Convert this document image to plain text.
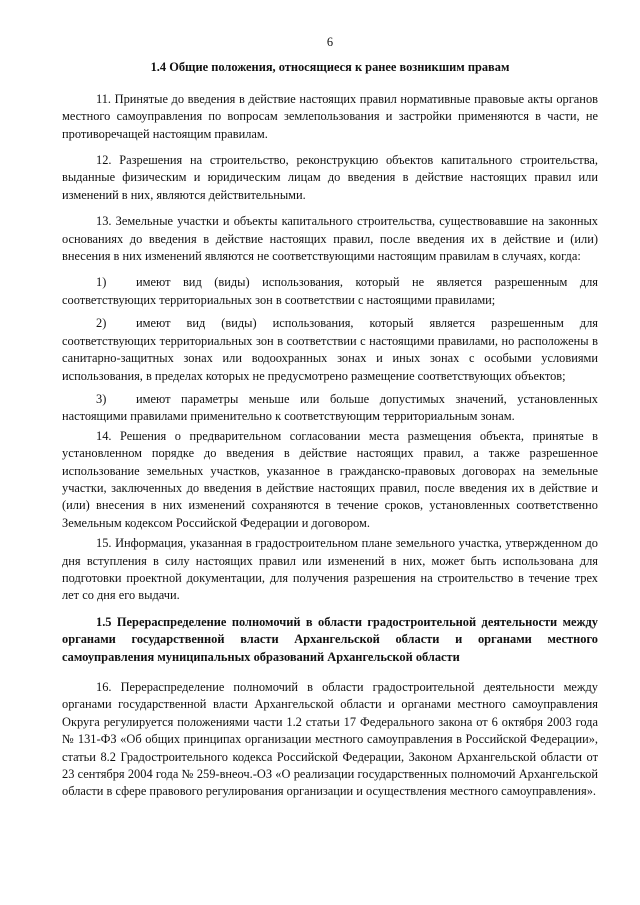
6
1.4 Общие положения, относящиеся к ранее возникшим правам

11. Принятые до введения в действие настоящих правил нормативные правовые акты органов местного самоуправления по вопросам землепользования и застройки применяются в части, не противоречащей настоящим правилам.

12. Разрешения на строительство, реконструкцию объектов капитального строительства, выданные физическим и юридическим лицам до введения в действие настоящих правил или изменений в них, являются действительными.

13. Земельные участки и объекты капитального строительства, существовавшие на законных основаниях до введения в действие настоящих правил, после введения их в действие и (или) внесения в них изменений являются не соответствующими настоящим правилам в случаях, когда:

1) имеют вид (виды) использования, который не является разрешенным для соответствующих территориальных зон в соответствии с настоящими правилами;
2) имеют вид (виды) использования, который является разрешенным для соответствующих территориальных зон в соответствии с настоящими правилами, но расположены в санитарно-защитных зонах или водоохранных зонах и иных зонах с особыми условиями использования, в пределах которых не предусмотрено размещение соответствующих объектов;
3) имеют параметры меньше или больше допустимых значений, установленных настоящими правилами применительно к соответствующим территориальным зонам.

14. Решения о предварительном согласовании места размещения объекта, принятые в установленном порядке до введения в действие настоящих правил, а также разрешенное использование земельных участков, указанное в гражданско-правовых договорах на земельные участки, заключенных до введения в действие настоящих правил, после введения их в действие и (или) внесения в них изменений сохраняются в течение сроков, установленных соответственно Земельным кодексом Российской Федерации и договором.

15. Информация, указанная в градостроительном плане земельного участка, утвержденном до дня вступления в силу настоящих правил или изменений в них, может быть использована для подготовки проектной документации, для получения разрешения на строительство в течение трех лет со дня его выдачи.

1.5 Перераспределение полномочий в области градостроительной деятельности между органами государственной власти Архангельской области и органами местного самоуправления муниципальных образований Архангельской области

16. Перераспределение полномочий в области градостроительной деятельности между органами государственной власти Архангельской области и органами местного самоуправления Округа регулируется положениями части 1.2 статьи 17 Федерального закона от 6 октября 2003 года № 131-ФЗ «Об общих принципах организации местного самоуправления в Российской Федерации», статьи 8.2 Градостроительного кодекса Российской Федерации, Законом Архангельской области от 23 сентября 2004 года № 259-внеоч.-ОЗ «О реализации государственных полномочий Архангельской области в сфере правового регулирования организации и осуществления местного самоуправления».
